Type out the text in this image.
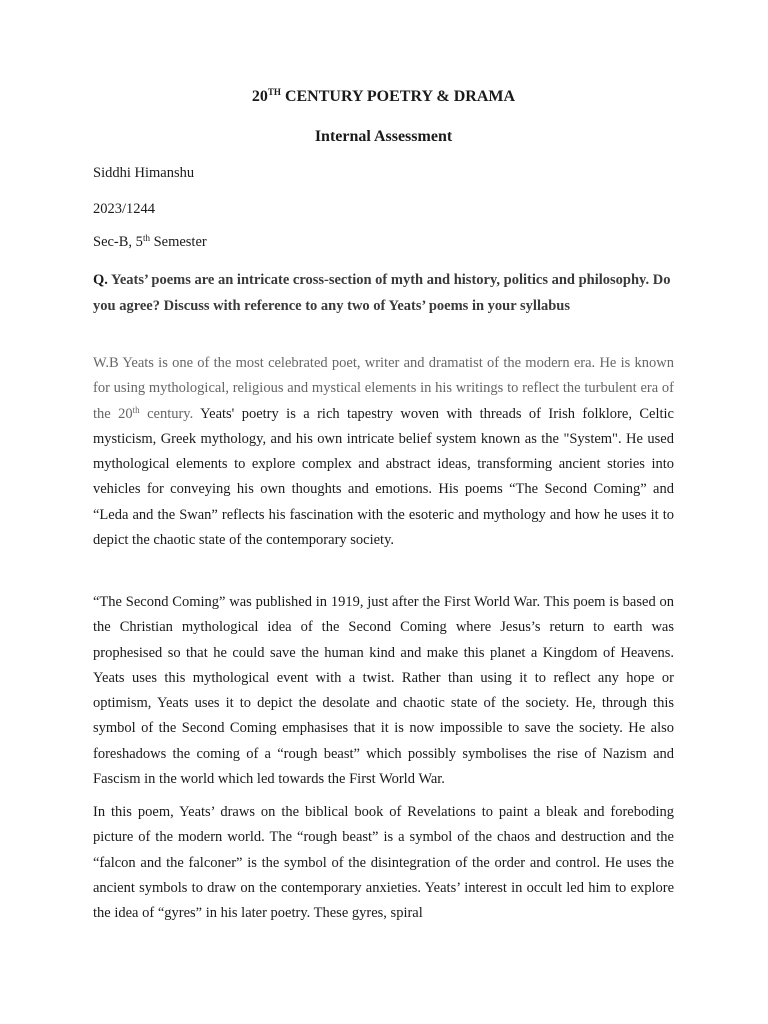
20TH CENTURY POETRY & DRAMA
Internal Assessment

Siddhi Himanshu

2023/1244

Sec-B, 5th Semester

Q. Yeats’ poems are an intricate cross-section of myth and history, politics and philosophy. Do you agree? Discuss with reference to any two of Yeats’ poems in your syllabus

W.B Yeats is one of the most celebrated poet, writer and dramatist of the modern era. He is known for using mythological, religious and mystical elements in his writings to reflect the turbulent era of the 20th century. Yeats' poetry is a rich tapestry woven with threads of Irish folklore, Celtic mysticism, Greek mythology, and his own intricate belief system known as the "System". He used mythological elements to explore complex and abstract ideas, transforming ancient stories into vehicles for conveying his own thoughts and emotions. His poems “The Second Coming” and “Leda and the Swan” reflects his fascination with the esoteric and mythology and how he uses it to depict the chaotic state of the contemporary society.

“The Second Coming” was published in 1919, just after the First World War. This poem is based on the Christian mythological idea of the Second Coming where Jesus’s return to earth was prophesised so that he could save the human kind and make this planet a Kingdom of Heavens. Yeats uses this mythological event with a twist. Rather than using it to reflect any hope or optimism, Yeats uses it to depict the desolate and chaotic state of the society. He, through this symbol of the Second Coming emphasises that it is now impossible to save the society. He also foreshadows the coming of a “rough beast” which possibly symbolises the rise of Nazism and Fascism in the world which led towards the First World War.

In this poem, Yeats’ draws on the biblical book of Revelations to paint a bleak and foreboding picture of the modern world. The “rough beast” is a symbol of the chaos and destruction and the “falcon and the falconer” is the symbol of the disintegration of the order and control. He uses the ancient symbols to draw on the contemporary anxieties. Yeats’ interest in occult led him to explore the idea of “gyres” in his later poetry. These gyres, spiral
